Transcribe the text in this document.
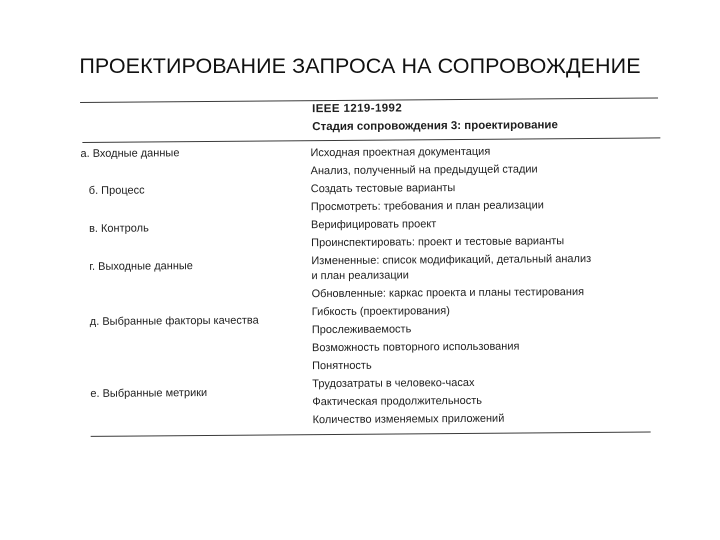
ПРОЕКТИРОВАНИЕ ЗАПРОСА НА СОПРОВОЖДЕНИЕ
IEEE 1219-1992
Стадия сопровождения 3: проектирование
а. Входные данные
б. Процесс
в. Контроль
г. Выходные данные
д. Выбранные факторы качества
е. Выбранные метрики
Исходная проектная документация
Анализ, полученный на предыдущей стадии
Создать тестовые варианты
Просмотреть: требования и план реализации
Верифицировать проект
Проинспектировать: проект и тестовые варианты
Измененные: список модификаций, детальный анализ
и план реализации
Обновленные: каркас проекта и планы тестирования
Гибкость (проектирования)
Прослеживаемость
Возможность повторного использования
Понятность
Трудозатраты в человеко-часах
Фактическая продолжительность
Количество изменяемых приложений
